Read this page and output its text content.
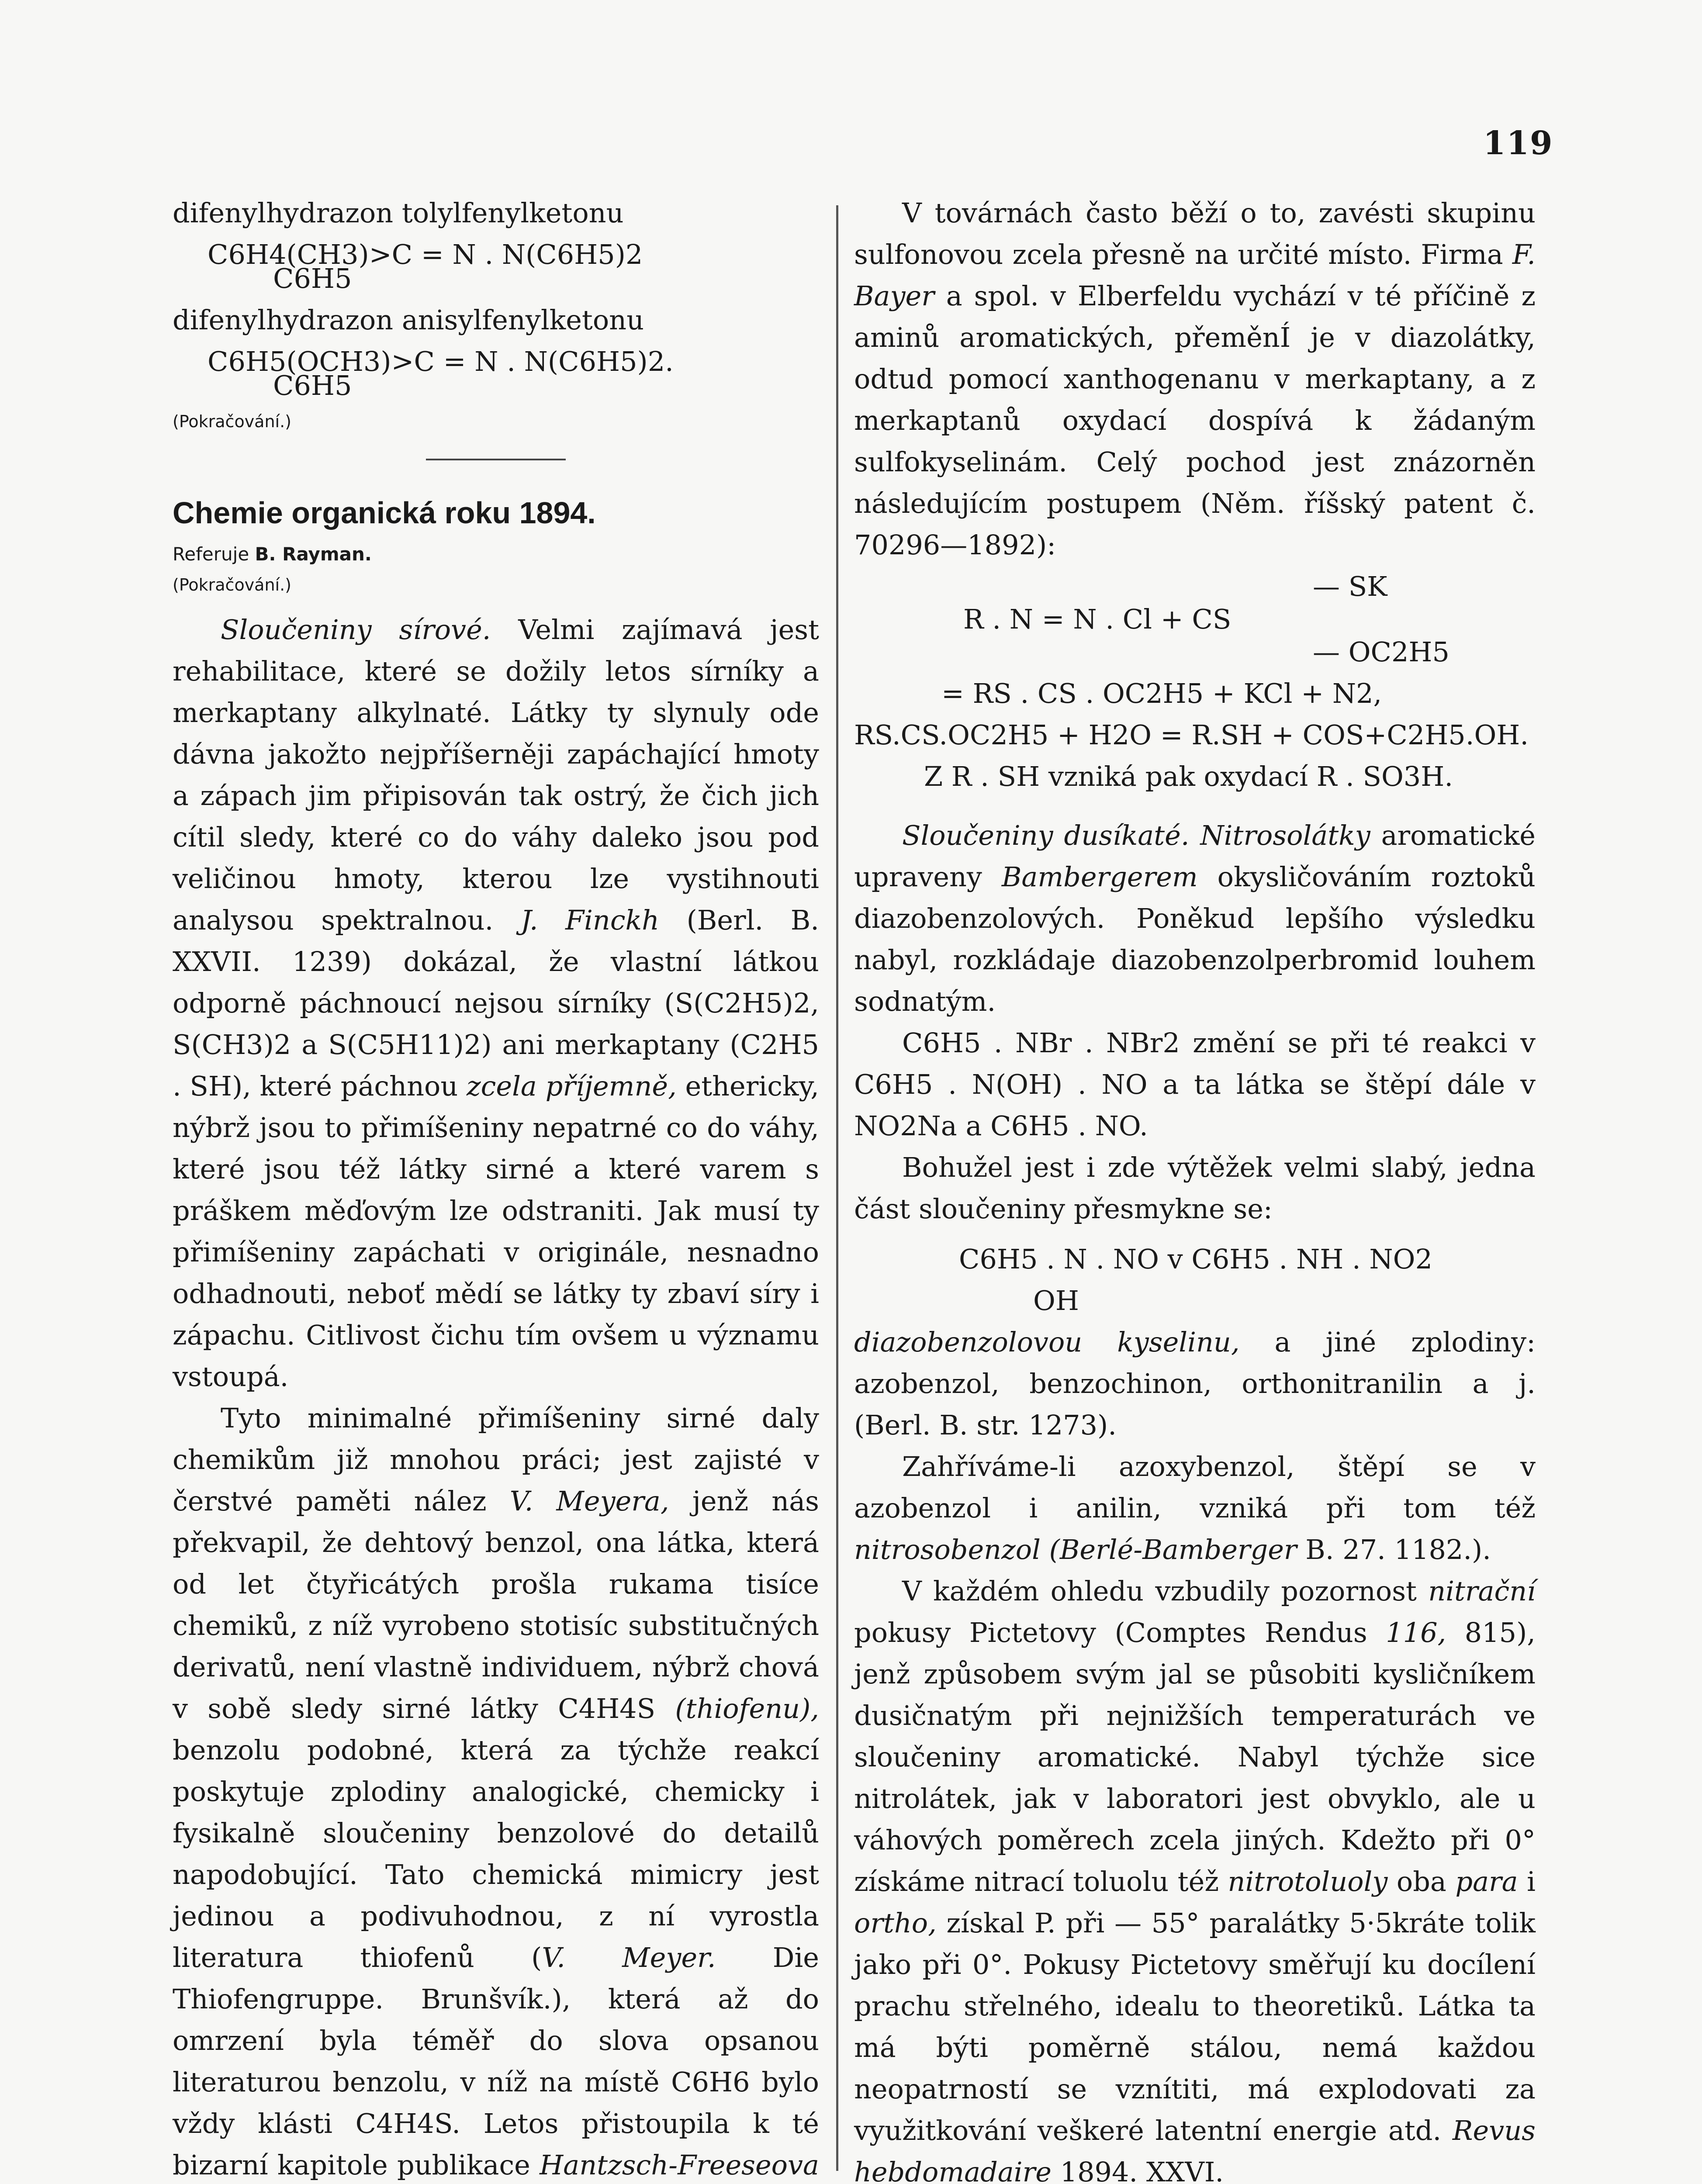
119

difenylhydrazon tolylfenylketonu

C6H4(CH3)>C = N . N(C6H5)2

C6H5

difenylhydrazon anisylfenylketonu

C6H5(OCH3)>C = N . N(C6H5)2.

C6H5

(Pokračování.)

Chemie organická roku 1894.

Referuje B. Rayman.

(Pokračování.)

Sloučeniny sírové. Velmi zajímavá jest rehabilitace, které se dožily letos sírníky a merkaptany alkylnaté. Látky ty slynuly ode dávna jakožto nejpříšerněji zapáchající hmoty a zápach jim připisován tak ostrý, že čich jich cítil sledy, které co do váhy daleko jsou pod veličinou hmoty, kterou lze vystihnouti analysou spektralnou. J. Finckh (Berl. B. XXVII. 1239) dokázal, že vlastní látkou odporně páchnoucí nejsou sírníky (S(C2H5)2, S(CH3)2 a S(C5H11)2) ani merkaptany (C2H5 . SH), které páchnou zcela příjemně, ethericky, nýbrž jsou to přimíšeniny nepatrné co do váhy, které jsou též látky sirné a které varem s práškem měďovým lze odstraniti. Jak musí ty přimíšeniny zapáchati v originále, nesnadno odhadnouti, neboť mědí se látky ty zbaví síry i zápachu. Citlivost čichu tím ovšem u významu vstoupá.

Tyto minimalné přimíšeniny sirné daly chemikům již mnohou práci; jest zajisté v čerstvé paměti nález V. Meyera, jenž nás překvapil, že dehtový benzol, ona látka, která od let čtyřicátých prošla rukama tisíce chemiků, z níž vyrobeno stotisíc substitučných derivatů, není vlastně individuem, nýbrž chová v sobě sledy sirné látky C4H4S (thiofenu), benzolu podobné, která za týchže reakcí poskytuje zplodiny analogické, chemicky i fysikalně sloučeniny benzolové do detailů napodobující. Tato chemická mimicry jest jedinou a podivuhodnou, z ní vyrostla literatura thiofenů (V. Meyer. Die Thiofengruppe. Brunšvík.), která až do omrzení byla téměř do slova opsanou literaturou benzolu, v níž na místě C6H6 bylo vždy klásti C4H4S. Letos přistoupila k té bizarní kapitole publikace Hantzsch-Freeseova

V továrnách často běží o to, zavésti skupinu sulfonovou zcela přesně na určité místo. Firma F. Bayer a spol. v Elberfeldu vychází v té příčině z aminů aromatických, přeměnÍ je v diazolátky, odtud pomocí xanthogenanu v merkaptany, a z merkaptanů oxydací dospívá k žádaným sulfokyselinám. Celý pochod jest znázorněn následujícím postupem (Něm. říšský patent č. 70296—1892):

— SK

R . N = N . Cl + CS

— OC2H5

= RS . CS . OC2H5 + KCl + N2,

RS.CS.OC2H5 + H2O = R.SH + COS+C2H5.OH.

Z R . SH vzniká pak oxydací R . SO3H.

Sloučeniny dusíkaté. Nitrosolátky aromatické upraveny Bambergerem okysličováním roztoků diazobenzolových. Poněkud lepšího výsledku nabyl, rozkládaje diazobenzolperbromid louhem sodnatým.

C6H5 . NBr . NBr2 změní se při té reakci v C6H5 . N(OH) . NO a ta látka se štěpí dále v NO2Na a C6H5 . NO.

Bohužel jest i zde výtěžek velmi slabý, jedna část sloučeniny přesmykne se:

C6H5 . N . NO v C6H5 . NH . NO2

OH

diazobenzolovou kyselinu, a jiné zplodiny: azobenzol, benzochinon, orthonitranilin a j. (Berl. B. str. 1273).

Zahříváme-li azoxybenzol, štěpí se v azobenzol i anilin, vzniká při tom též nitrosobenzol (Berlé-Bamberger B. 27. 1182.).

V každém ohledu vzbudily pozornost nitrační pokusy Pictetovy (Comptes Rendus 116, 815), jenž způsobem svým jal se působiti kysličníkem dusičnatým při nejnižších temperaturách ve sloučeniny aromatické. Nabyl týchže sice nitrolátek, jak v laboratori jest obvyklo, ale u váhových poměrech zcela jiných. Kdežto při 0° získáme nitrací toluolu též nitrotoluoly oba para i ortho, získal P. při — 55° paralátky 5·5kráte tolik jako při 0°. Pokusy Pictetovy směřují ku docílení prachu střelného, idealu to theoretiků. Látka ta má býti poměrně stálou, nemá každou neopatrností se vznítiti, má explodovati za využitkování veškeré latentní energie atd. Revus hebdomadaire 1894. XXVI.
